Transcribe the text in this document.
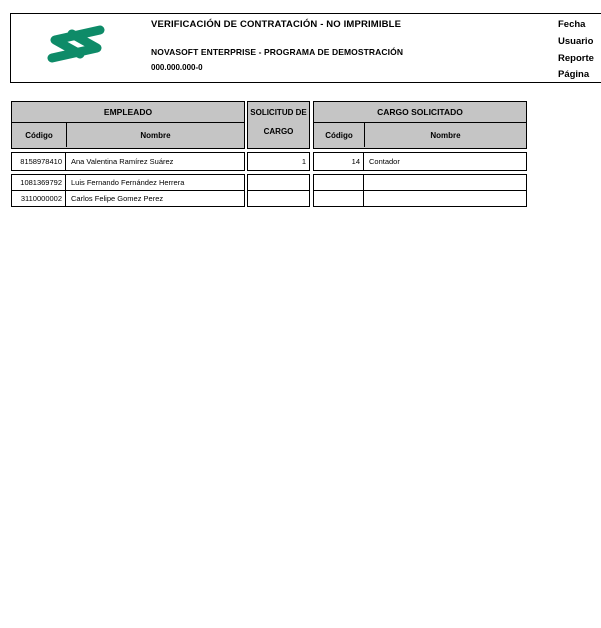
VERIFICACIÓN DE CONTRATACIÓN - NO IMPRIMIBLE
NOVASOFT ENTERPRISE - PROGRAMA DE DEMOSTRACIÓN
000.000.000-0
Fecha
Usuario
Reporte
Página
EMPLEADO
Código	Nombre
SOLICITUD DE
CARGO
CARGO SOLICITADO
Código	Nombre
8158978410	Ana Valentina Ramírez Suárez	1	14	Contador
1081369792	Luis Fernando Fernández Herrera
3110000002	Carlos Felipe Gomez Perez
